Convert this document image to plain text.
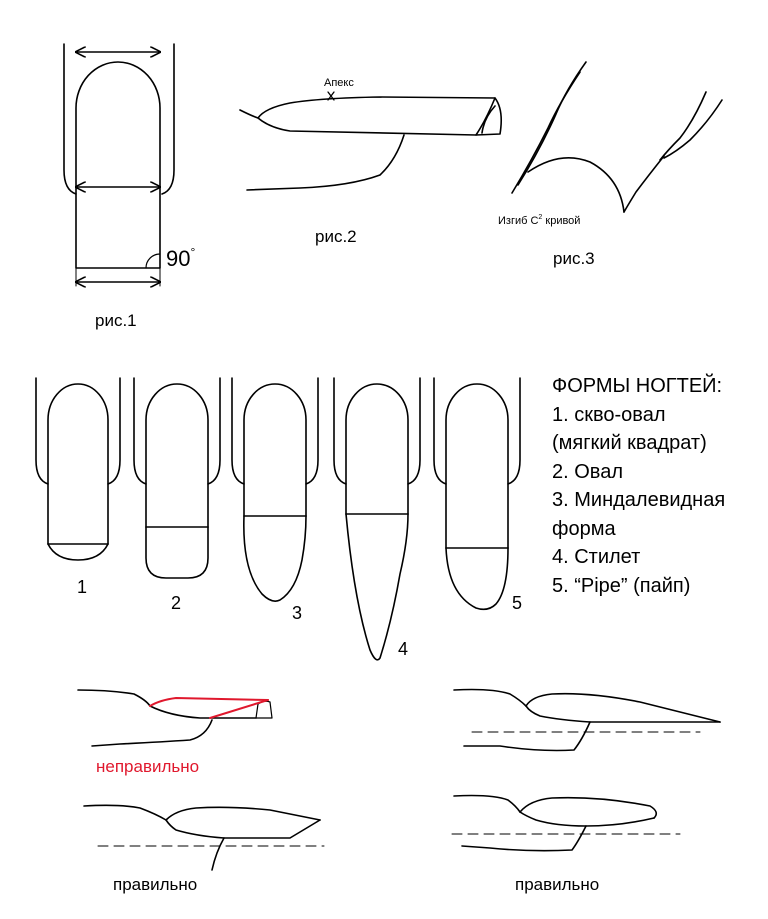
90°
рис.1
Апекс
рис.2
Изгиб $С^2$ кривой
рис.3
1
2	3
4
5
ФОРМЫ НОГТЕЙ:
1. скво-овал
(мягкий квадрат)
2. Овал
3. Миндалевидная
форма
4. Стилет
5. “Pipe” (пайп)
неправильно
правильно	правильно
